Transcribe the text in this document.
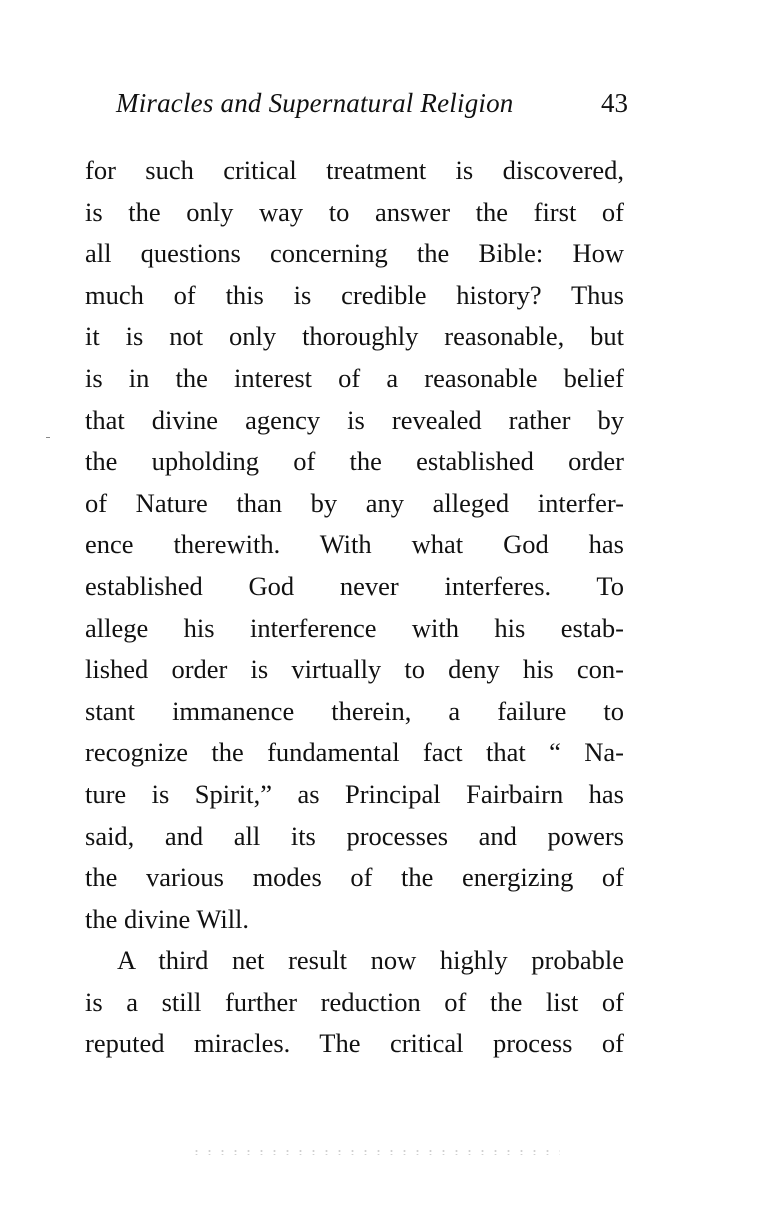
Miracles and Supernatural Religion	43
for such critical treatment is discovered,
is the only way to answer the first of
all questions concerning the Bible: How
much of this is credible history? Thus
it is not only thoroughly reasonable, but
is in the interest of a reasonable belief
that divine agency is revealed rather by
the upholding of the established order
of Nature than by any alleged interfer-
ence therewith. With what God has
established God never interferes. To
allege his interference with his estab-
lished order is virtually to deny his con-
stant immanence therein, a failure to
recognize the fundamental fact that “ Na-
ture is Spirit,” as Principal Fairbairn has
said, and all its processes and powers
the various modes of the energizing of
the divine Will.
A third net result now highly probable
is a still further reduction of the list of
reputed miracles. The critical process of
